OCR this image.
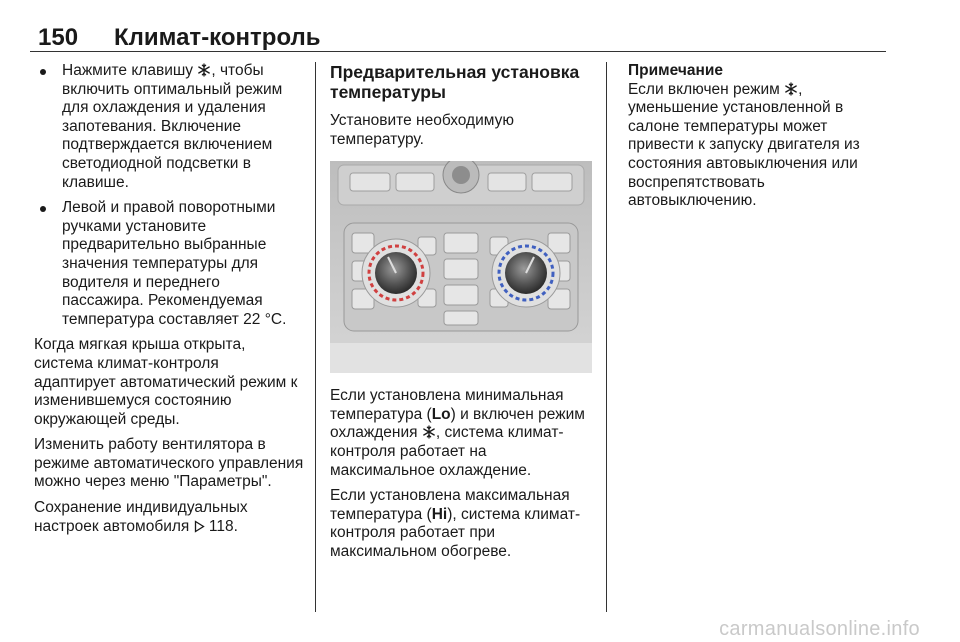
150 Климат-контроль
Нажмите клавишу , чтобы включить оптимальный режим для охлаждения и удаления запотевания. Включение подтверждается включением светодиодной подсветки в клавише.
Левой и правой поворотными ручками установите предварительно выбранные значения температуры для водителя и переднего пассажира. Рекомендуемая температура составляет 22 °C.

Когда мягкая крыша открыта, система климат-контроля адаптирует автоматический режим к изменившемуся состоянию окружающей среды.

Изменить работу вентилятора в режиме автоматического управления можно через меню "Параметры".

Сохранение индивидуальных настроек автомобиля 118.

Предварительная установка температуры

Установите необходимую температуру.

Если установлена минимальная температура (Lo) и включен режим охлаждения , система климат-контроля работает на максимальное охлаждение.

Если установлена максимальная температура (Hi), система климат-контроля работает при максимальном обогреве.

Примечание

Если включен режим , уменьшение установленной в салоне температуры может привести к запуску двигателя из состояния автовыключения или воспрепятствовать автовыключению.

carmanualsonline.info
